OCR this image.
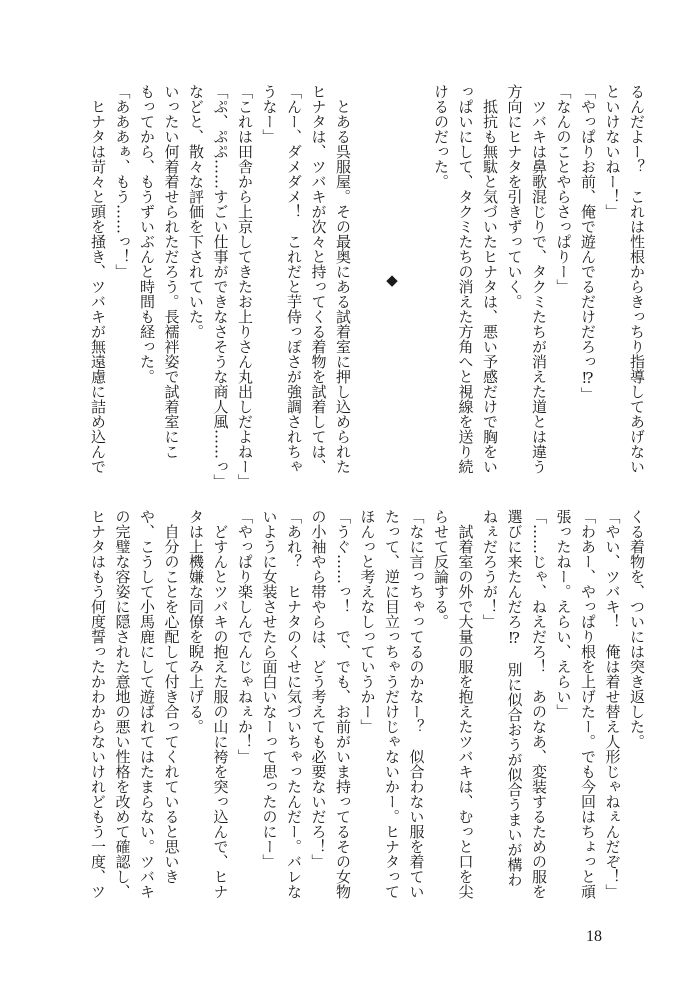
るんだよー？　これは性根からきっちり指導してあげない

といけないねー！」

「やっぱりお前、俺で遊んでるだけだろっ⁉」

「なんのことやらさっぱりー」

　ツバキは鼻歌混じりで、タクミたちが消えた道とは違う

方向にヒナタを引きずっていく。

　抵抗も無駄と気づいたヒナタは、悪い予感だけで胸をい

っぱいにして、タクミたちの消えた方角へと視線を送り続

けるのだった。

◆

　とある呉服屋。その最奥にある試着室に押し込められた

ヒナタは、ツバキが次々と持ってくる着物を試着しては、

「んー、ダメダメ！　これだと芋侍っぽさが強調されちゃ

うなー」

「これは田舎から上京してきたお上りさん丸出しだよねー」

「ぷ、ぷぷ……すごい仕事ができなさそうな商人風……っ」

などと、散々な評価を下されていた。

いったい何着着せられただろう。長襦袢姿で試着室にこ

もってから、もうずいぶんと時間も経った。

「あああぁ、もう……っ！」

　ヒナタは苛々と頭を掻き、ツバキが無遠慮に詰め込んで

くる着物を、ついには突き返した。

「やい、ツバキ！　俺は着せ替え人形じゃねぇんだぞ！」

「わあー、やっぱり根を上げたー。でも今回はちょっと頑

張ったねー。えらい、えらい」

「……じゃ、ねえだろ！　あのなあ、変装するための服を

選びに来たんだろ⁉　別に似合おうが似合うまいが構わ

ねぇだろうが！」

　試着室の外で大量の服を抱えたツバキは、むっと口を尖

らせて反論する。

「なに言っちゃってるのかなー？　似合わない服を着てい

たって、逆に目立っちゃうだけじゃないかー。ヒナタって

ほんっと考えなしっていうかー」

「うぐ……っ！　で、でも、お前がいま持ってるその女物

の小袖やら帯やらは、どう考えても必要ないだろ！」

「あれ？　ヒナタのくせに気づいちゃったんだー。バレな

いように女装させたら面白いなーって思ったのにー」

「やっぱり楽しんでんじゃねぇか！」

　どすんとツバキの抱えた服の山に袴を突っ込んで、ヒナ

タは上機嫌な同僚を睨み上げる。

　自分のことを心配して付き合ってくれていると思いき

や、こうして小馬鹿にして遊ばれてはたまらない。ツバキ

の完璧な容姿に隠された意地の悪い性格を改めて確認し、

ヒナタはもう何度誓ったかわからないけれどもう一度、ツ

18
